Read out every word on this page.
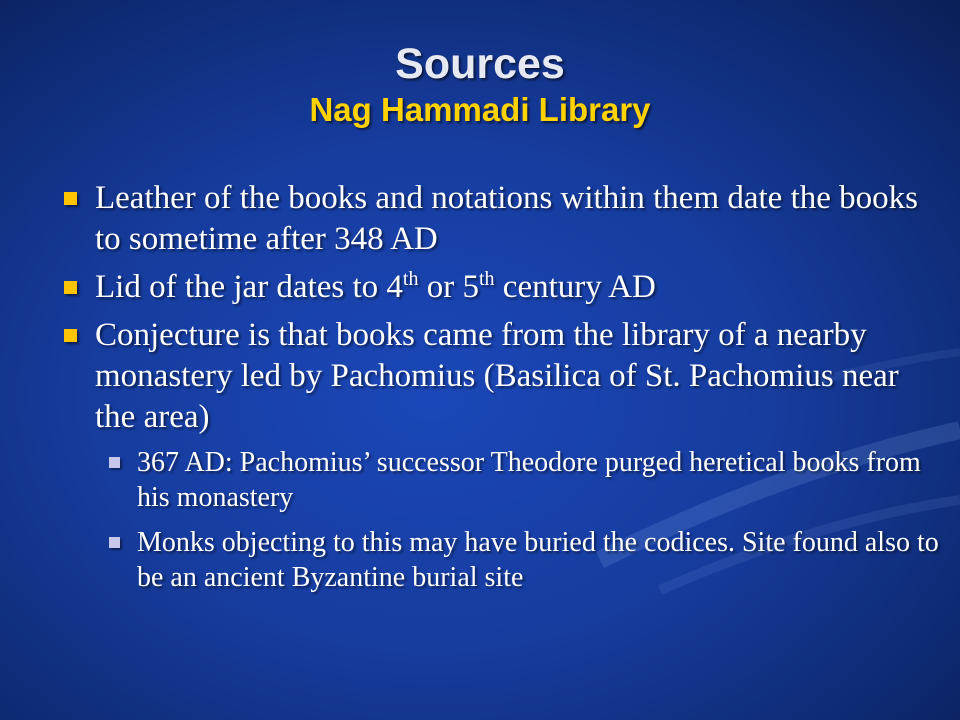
Sources
Nag Hammadi Library
Leather of the books and notations within them date the books to sometime after 348 AD
Lid of the jar dates to 4th or 5th century AD
Conjecture is that books came from the library of a nearby monastery led by Pachomius (Basilica of St. Pachomius near the area)
367 AD: Pachomius’ successor Theodore purged heretical books from his monastery
Monks objecting to this may have buried the codices. Site found also to be an ancient Byzantine burial site
